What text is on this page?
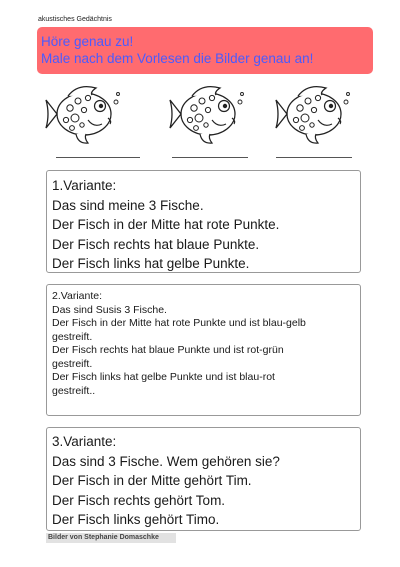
akustisches Gedächtnis
Höre genau zu!
Male nach dem Vorlesen die Bilder genau an!
1.Variante:
Das sind meine 3 Fische.
Der Fisch in der Mitte hat rote Punkte.
Der Fisch rechts hat blaue Punkte.
Der Fisch links hat gelbe Punkte.
2.Variante:
Das sind Susis 3 Fische.
Der Fisch in der Mitte hat rote Punkte und ist blau-gelb
gestreift.
Der Fisch rechts hat blaue Punkte und ist rot-grün
gestreift.
Der Fisch links hat gelbe Punkte und ist blau-rot
gestreift..
3.Variante:
Das sind 3 Fische. Wem gehören sie?
Der Fisch in der Mitte gehört Tim.
Der Fisch rechts gehört Tom.
Der Fisch links gehört Timo.
Bilder von Stephanie Domaschke
